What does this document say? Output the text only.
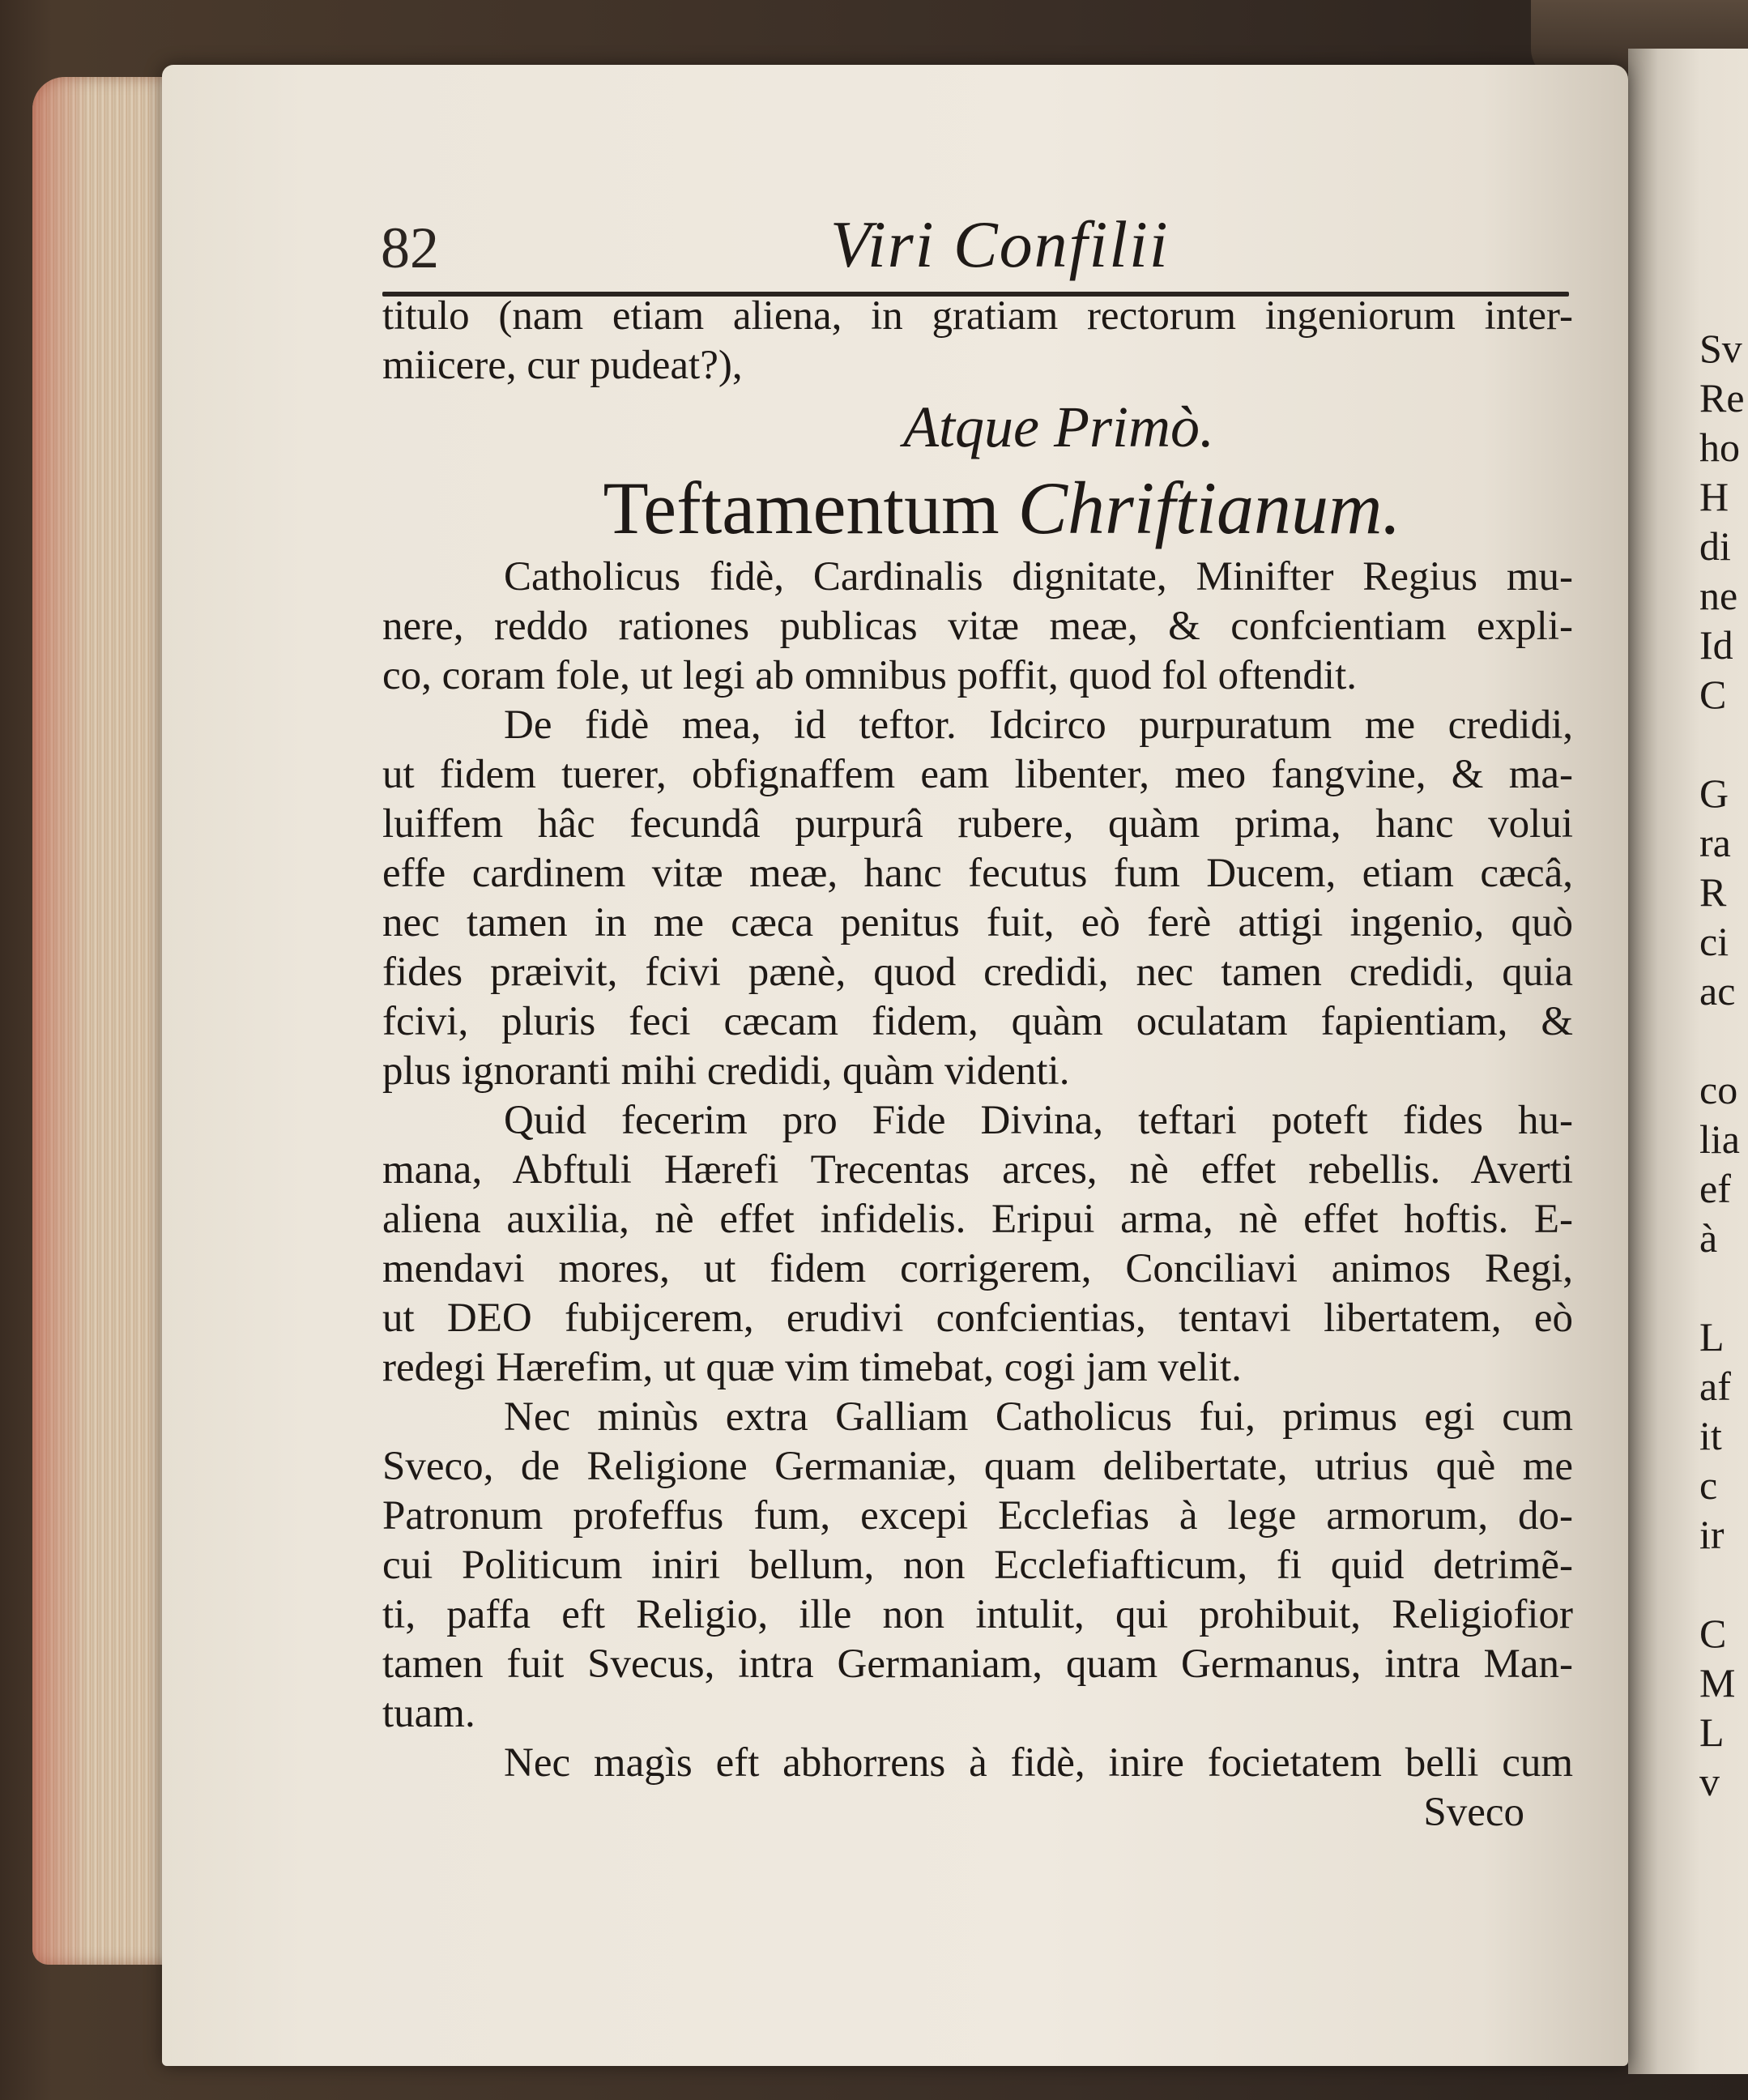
82	Viri Confilii
titulo (nam etiam aliena, in gratiam rectorum ingeniorum inter-
miicere, cur pudeat?),
Atque Primò.
Teftamentum Chriftianum.
Catholicus fidè, Cardinalis dignitate, Minifter Regius mu-
nere, reddo rationes publicas vitæ meæ, & confcientiam expli-
co, coram fole, ut legi ab omnibus poffit, quod fol oftendit.
De fidè mea, id teftor. Idcirco purpuratum me credidi,
ut fidem tuerer, obfignaffem eam libenter, meo fangvine, & ma-
luiffem hâc fecundâ purpurâ rubere, quàm prima, hanc volui
effe cardinem vitæ meæ, hanc fecutus fum Ducem, etiam cæcâ,
nec tamen in me cæca penitus fuit, eò ferè attigi ingenio, quò
fides præivit, fcivi pænè, quod credidi, nec tamen credidi, quia
fcivi, pluris feci cæcam fidem, quàm oculatam fapientiam, &
plus ignoranti mihi credidi, quàm videnti.
Quid fecerim pro Fide Divina, teftari poteft fides hu-
mana, Abftuli Hærefi Trecentas arces, nè effet rebellis. Averti
aliena auxilia, nè effet infidelis. Eripui arma, nè effet hoftis. E-
mendavi mores, ut fidem corrigerem, Conciliavi animos Regi,
ut DEO fubijcerem, erudivi confcientias, tentavi libertatem, eò
redegi Hærefim, ut quæ vim timebat, cogi jam velit.
Nec minùs extra Galliam Catholicus fui, primus egi cum
Sveco, de Religione Germaniæ, quam delibertate, utrius què me
Patronum profeffus fum, excepi Ecclefias à lege armorum, do-
cui Politicum iniri bellum, non Ecclefiafticum, fi quid detrimẽ-
ti, paffa eft Religio, ille non intulit, qui prohibuit, Religiofior
tamen fuit Svecus, intra Germaniam, quam Germanus, intra Man-
tuam.
Nec magìs eft abhorrens à fidè, inire focietatem belli cum
Sveco
Sv
Re
ho
H
di
ne
Id
C

G
ra
R
ci
ac

co
lia
ef
à

L
af
it
c
ir

C
M
L
v
